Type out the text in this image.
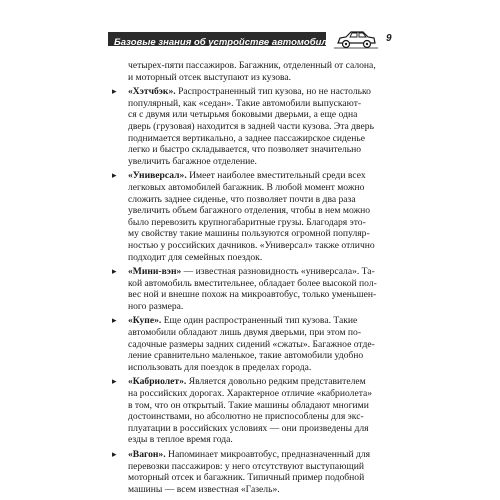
Базовые знания об устройстве автомобиля	9
четырех-пяти пассажиров. Багажник, отделенный от салона,
и моторный отсек выступают из кузова.
▸ «Хэтчбэк». Распространенный тип кузова, но не настолько
популярный, как «седан». Такие автомобили выпускают-
ся с двумя или четырьмя боковыми дверьми, а еще одна
дверь (грузовая) находится в задней части кузова. Эта дверь
поднимается вертикально, а заднее пассажирское сиденье
легко и быстро складывается, что позволяет значительно
увеличить багажное отделение.
▸ «Универсал». Имеет наиболее вместительный среди всех
легковых автомобилей багажник. В любой момент можно
сложить заднее сиденье, что позволяет почти в два раза
увеличить объем багажного отделения, чтобы в нем можно
было перевозить крупногабаритные грузы. Благодаря это-
му свойству такие машины пользуются огромной популяр-
ностью у российских дачников. «Универсал» также отлично
подходит для семейных поездок.
▸ «Мини-вэн» — известная разновидность «универсала». Та-
кой автомобиль вместительнее, обладает более высокой пол-
вес ной и внешне похож на микроавтобус, только уменьшен-
ного размера.
▸ «Купе». Еще один распространенный тип кузова. Такие
автомобили обладают лишь двумя дверьми, при этом по-
садочные размеры задних сидений «сжаты». Багажное отде-
ление сравнительно маленькое, такие автомобили удобно
использовать для поездок в пределах города.
▸ «Кабриолет». Является довольно редким представителем
на российских дорогах. Характерное отличие «кабриолета»
в том, что он открытый. Такие машины обладают многими
достоинствами, но абсолютно не приспособлены для экс-
плуатации в российских условиях — они произведены для
езды в теплое время года.
▸ «Вагон». Напоминает микроавтобус, предназначенный для
перевозки пассажиров: у него отсутствуют выступающий
моторный отсек и багажник. Типичный пример подобной
машины — всем известная «Газель».
